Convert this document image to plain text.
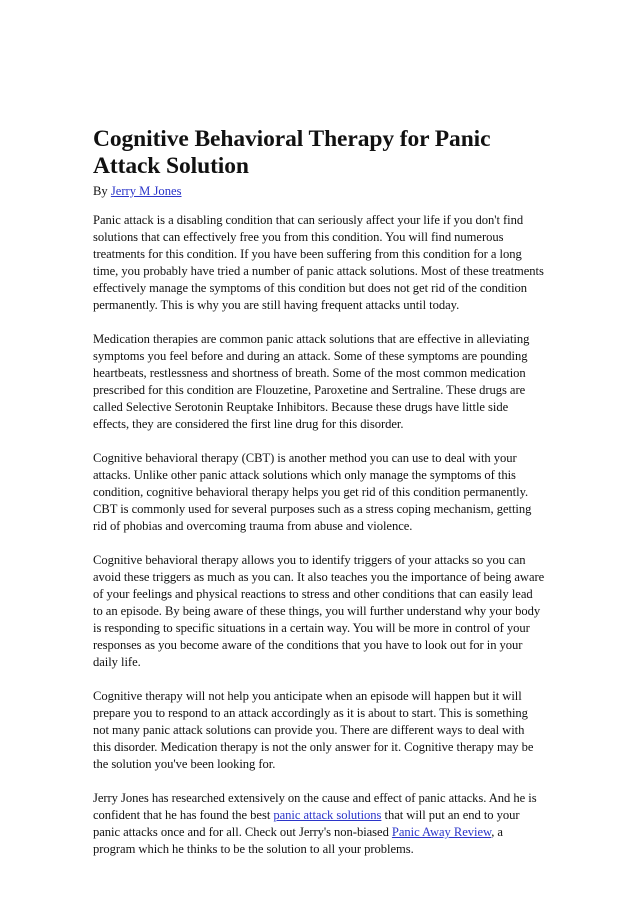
Cognitive Behavioral Therapy for Panic Attack Solution
By Jerry M Jones

Panic attack is a disabling condition that can seriously affect your life if you don't find solutions that can effectively free you from this condition. You will find numerous treatments for this condition. If you have been suffering from this condition for a long time, you probably have tried a number of panic attack solutions. Most of these treatments effectively manage the symptoms of this condition but does not get rid of the condition permanently. This is why you are still having frequent attacks until today.

Medication therapies are common panic attack solutions that are effective in alleviating symptoms you feel before and during an attack. Some of these symptoms are pounding heartbeats, restlessness and shortness of breath. Some of the most common medication prescribed for this condition are Flouzetine, Paroxetine and Sertraline. These drugs are called Selective Serotonin Reuptake Inhibitors. Because these drugs have little side effects, they are considered the first line drug for this disorder.

Cognitive behavioral therapy (CBT) is another method you can use to deal with your attacks. Unlike other panic attack solutions which only manage the symptoms of this condition, cognitive behavioral therapy helps you get rid of this condition permanently. CBT is commonly used for several purposes such as a stress coping mechanism, getting rid of phobias and overcoming trauma from abuse and violence.

Cognitive behavioral therapy allows you to identify triggers of your attacks so you can avoid these triggers as much as you can. It also teaches you the importance of being aware of your feelings and physical reactions to stress and other conditions that can easily lead to an episode. By being aware of these things, you will further understand why your body is responding to specific situations in a certain way. You will be more in control of your responses as you become aware of the conditions that you have to look out for in your daily life.

Cognitive therapy will not help you anticipate when an episode will happen but it will prepare you to respond to an attack accordingly as it is about to start. This is something not many panic attack solutions can provide you. There are different ways to deal with this disorder. Medication therapy is not the only answer for it. Cognitive therapy may be the solution you've been looking for.

Jerry Jones has researched extensively on the cause and effect of panic attacks. And he is confident that he has found the best panic attack solutions that will put an end to your panic attacks once and for all. Check out Jerry's non-biased Panic Away Review, a program which he thinks to be the solution to all your problems.
